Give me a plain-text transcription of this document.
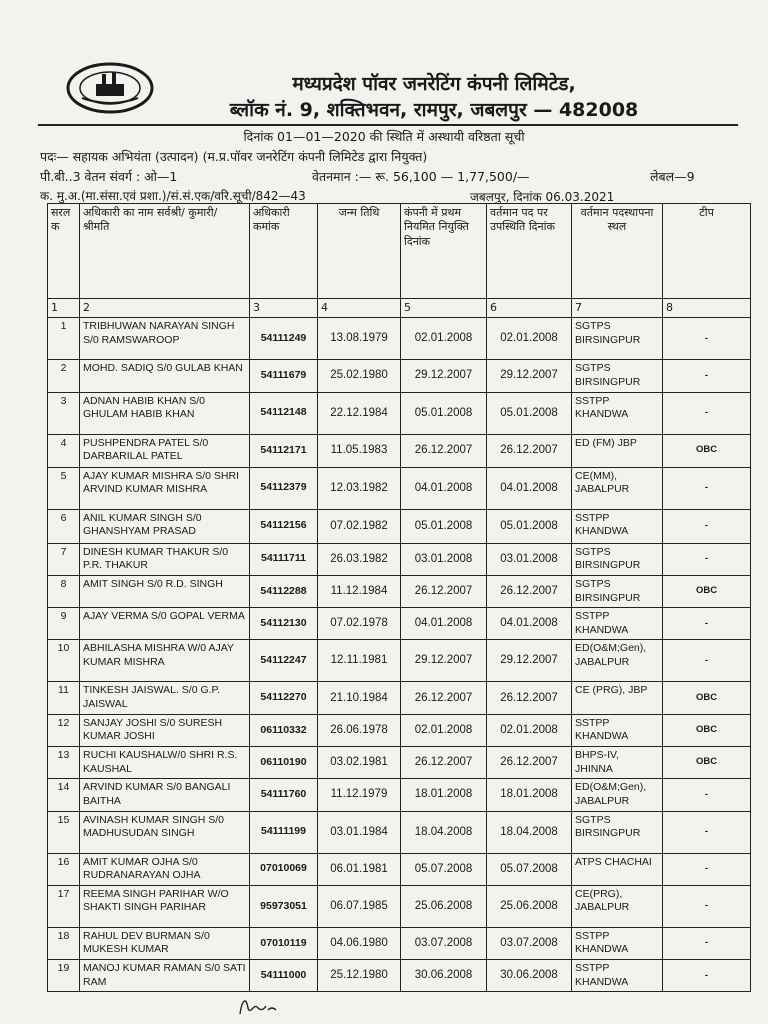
मध्यप्रदेश पॉवर जनरेटिंग कंपनी लिमिटेड,
ब्लॉक नं. 9, शक्तिभवन, रामपुर, जबलपुर — 482008
दिनांक 01—01—2020 की स्थिति में अस्थायी वरिष्ठता सूची
पदः— सहायक अभियंता (उत्पादन) (म.प्र.पॉवर जनरेटिंग कंपनी लिमिटेड द्वारा नियुक्त)
पी.बी..3 वेतन संवर्ग : ओ—1	वेतनमान :— रू. 56,100 — 1,77,500/—	लेबल—9
क. मु.अ.(मा.संसा.एवं प्रशा.)/सं.सं.एक/वरि.सूची/842—43	जबलपुर, दिनांक 06.03.2021
सरल क	अधिकारी का नाम सर्वश्री/ कुमारी/ श्रीमति	अधिकारी कमांक	जन्म तिथि	कंपनी में प्रथम नियमित नियुक्ति दिनांक	वर्तमान पद पर उपस्थिति दिनांक	वर्तमान पदस्थापना स्थल	टीप
1	2	3	4	5	6	7	8
1	TRIBHUWAN NARAYAN SINGH S/0 RAMSWAROOP	54111249	13.08.1979	02.01.2008	02.01.2008	SGTPS BIRSINGPUR	-
2	MOHD. SADIQ S/0 GULAB KHAN	54111679	25.02.1980	29.12.2007	29.12.2007	SGTPS BIRSINGPUR	-
3	ADNAN HABIB KHAN S/0 GHULAM HABIB KHAN	54112148	22.12.1984	05.01.2008	05.01.2008	SSTPP KHANDWA	-
4	PUSHPENDRA PATEL S/0 DARBARILAL PATEL	54112171	11.05.1983	26.12.2007	26.12.2007	ED (FM) JBP	OBC
5	AJAY KUMAR MISHRA S/0 SHRI ARVIND KUMAR MISHRA	54112379	12.03.1982	04.01.2008	04.01.2008	CE(MM), JABALPUR	-
6	ANIL KUMAR SINGH S/0 GHANSHYAM PRASAD	54112156	07.02.1982	05.01.2008	05.01.2008	SSTPP KHANDWA	-
7	DINESH KUMAR THAKUR S/0 P.R. THAKUR	54111711	26.03.1982	03.01.2008	03.01.2008	SGTPS BIRSINGPUR	-
8	AMIT SINGH S/0 R.D. SINGH	54112288	11.12.1984	26.12.2007	26.12.2007	SGTPS BIRSINGPUR	OBC
9	AJAY VERMA S/0 GOPAL VERMA	54112130	07.02.1978	04.01.2008	04.01.2008	SSTPP KHANDWA	-
10	ABHILASHA MISHRA W/0 AJAY KUMAR MISHRA	54112247	12.11.1981	29.12.2007	29.12.2007	ED(O&M;Gen), JABALPUR	-
11	TINKESH JAISWAL. S/0 G.P. JAISWAL	54112270	21.10.1984	26.12.2007	26.12.2007	CE (PRG), JBP	OBC
12	SANJAY JOSHI S/0 SURESH KUMAR JOSHI	06110332	26.06.1978	02.01.2008	02.01.2008	SSTPP KHANDWA	OBC
13	RUCHI KAUSHALW/0 SHRI R.S. KAUSHAL	06110190	03.02.1981	26.12.2007	26.12.2007	BHPS-IV, JHINNA	OBC
14	ARVIND KUMAR S/0 BANGALI BAITHA	54111760	11.12.1979	18.01.2008	18.01.2008	ED(O&M;Gen), JABALPUR	-
15	AVINASH KUMAR SINGH S/0 MADHUSUDAN SINGH	54111199	03.01.1984	18.04.2008	18.04.2008	SGTPS BIRSINGPUR	-
16	AMIT KUMAR OJHA S/0 RUDRANARAYAN OJHA	07010069	06.01.1981	05.07.2008	05.07.2008	ATPS CHACHAI	-
17	REEMA SINGH PARIHAR W/O SHAKTI SINGH PARIHAR	95973051	06.07.1985	25.06.2008	25.06.2008	CE(PRG), JABALPUR	-
18	RAHUL DEV BURMAN S/0 MUKESH KUMAR	07010119	04.06.1980	03.07.2008	03.07.2008	SSTPP KHANDWA	-
19	MANOJ KUMAR RAMAN S/0 SATI RAM	54111000	25.12.1980	30.06.2008	30.06.2008	SSTPP KHANDWA	-
